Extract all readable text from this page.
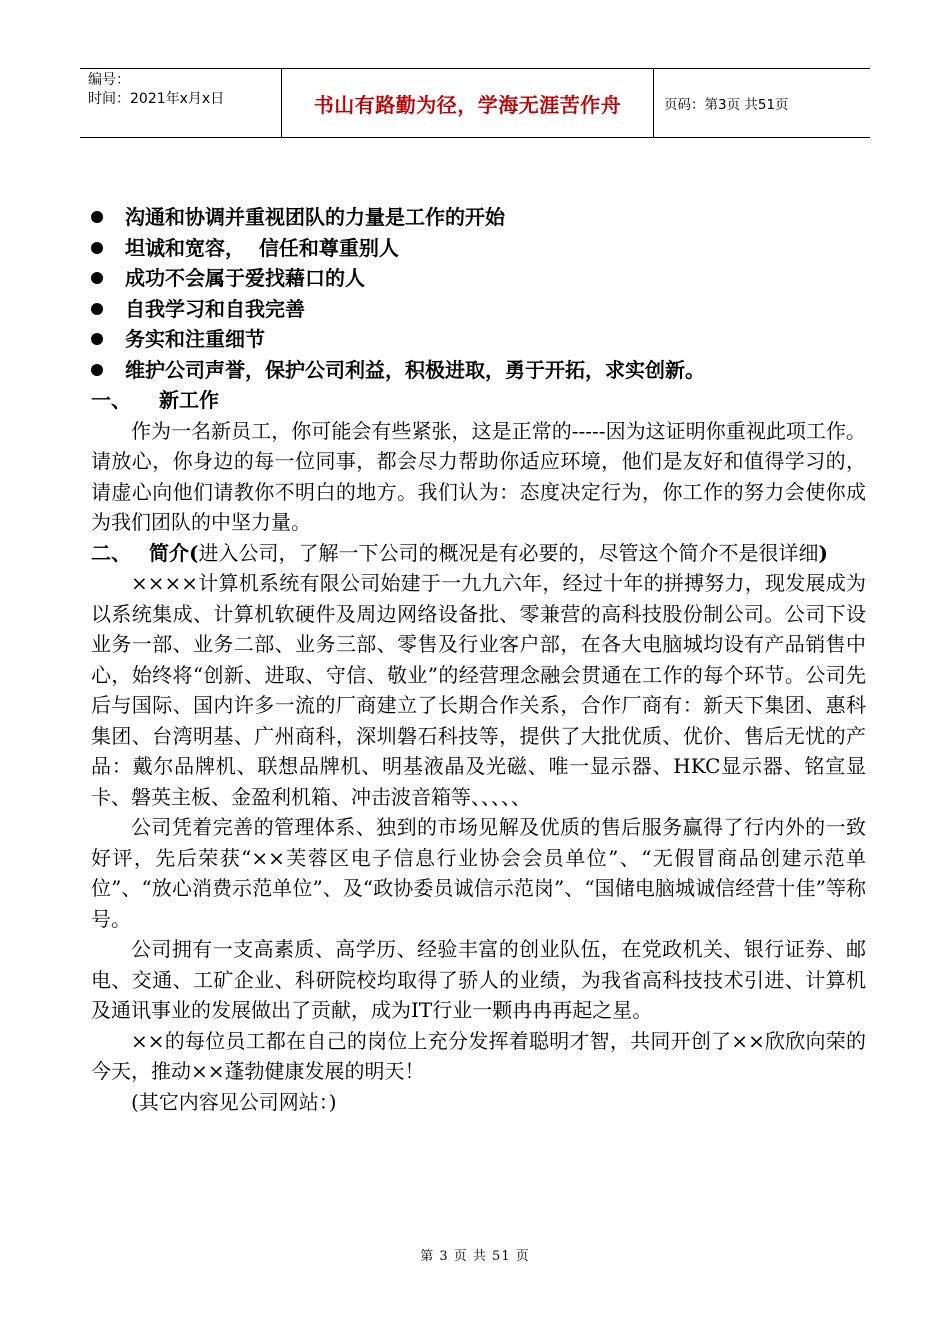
编号：
时间：2021年x月x日	书山有路勤为径，学海无涯苦作舟	页码：第3页 共51页
沟通和协调并重视团队的力量是工作的开始
坦诚和宽容，  信任和尊重别人
成功不会属于爱找藉口的人
自我学习和自我完善
务实和注重细节
维护公司声誉，保护公司利益，积极进取，勇于开拓，求实创新。
一、 新工作

作为一名新员工，你可能会有些紧张，这是正常的-----因为这证明你重视此项工作。请放心，你身边的每一位同事，都会尽力帮助你适应环境，他们是友好和值得学习的，请虚心向他们请教你不明白的地方。我们认为：态度决定行为，你工作的努力会使你成为我们团队的中坚力量。

二、 简介(进入公司，了解一下公司的概况是有必要的，尽管这个简介不是很详细)

××××计算机系统有限公司始建于一九九六年，经过十年的拼搏努力，现发展成为以系统集成、计算机软硬件及周边网络设备批、零兼营的高科技股份制公司。公司下设业务一部、业务二部、业务三部、零售及行业客户部，在各大电脑城均设有产品销售中心，始终将“创新、进取、守信、敬业”的经营理念融会贯通在工作的每个环节。公司先后与国际、国内许多一流的厂商建立了长期合作关系，合作厂商有：新天下集团、惠科集团、台湾明基、广州商科，深圳磐石科技等，提供了大批优质、优价、售后无忧的产品：戴尔品牌机、联想品牌机、明基液晶及光磁、唯一显示器、HKC显示器、铭宣显卡、磐英主板、金盈利机箱、冲击波音箱等、、、、、

公司凭着完善的管理体系、独到的市场见解及优质的售后服务赢得了行内外的一致好评，先后荣获“××芙蓉区电子信息行业协会会员单位”、“无假冒商品创建示范单位”、“放心消费示范单位”、及“政协委员诚信示范岗”、“国储电脑城诚信经营十佳”等称号。

公司拥有一支高素质、高学历、经验丰富的创业队伍，在党政机关、银行证券、邮电、交通、工矿企业、科研院校均取得了骄人的业绩，为我省高科技技术引进、计算机及通讯事业的发展做出了贡献，成为IT行业一颗冉冉再起之星。

××的每位员工都在自己的岗位上充分发挥着聪明才智，共同开创了××欣欣向荣的今天，推动××蓬勃健康发展的明天！

(其它内容见公司网站：)

第 3 页 共 51 页
